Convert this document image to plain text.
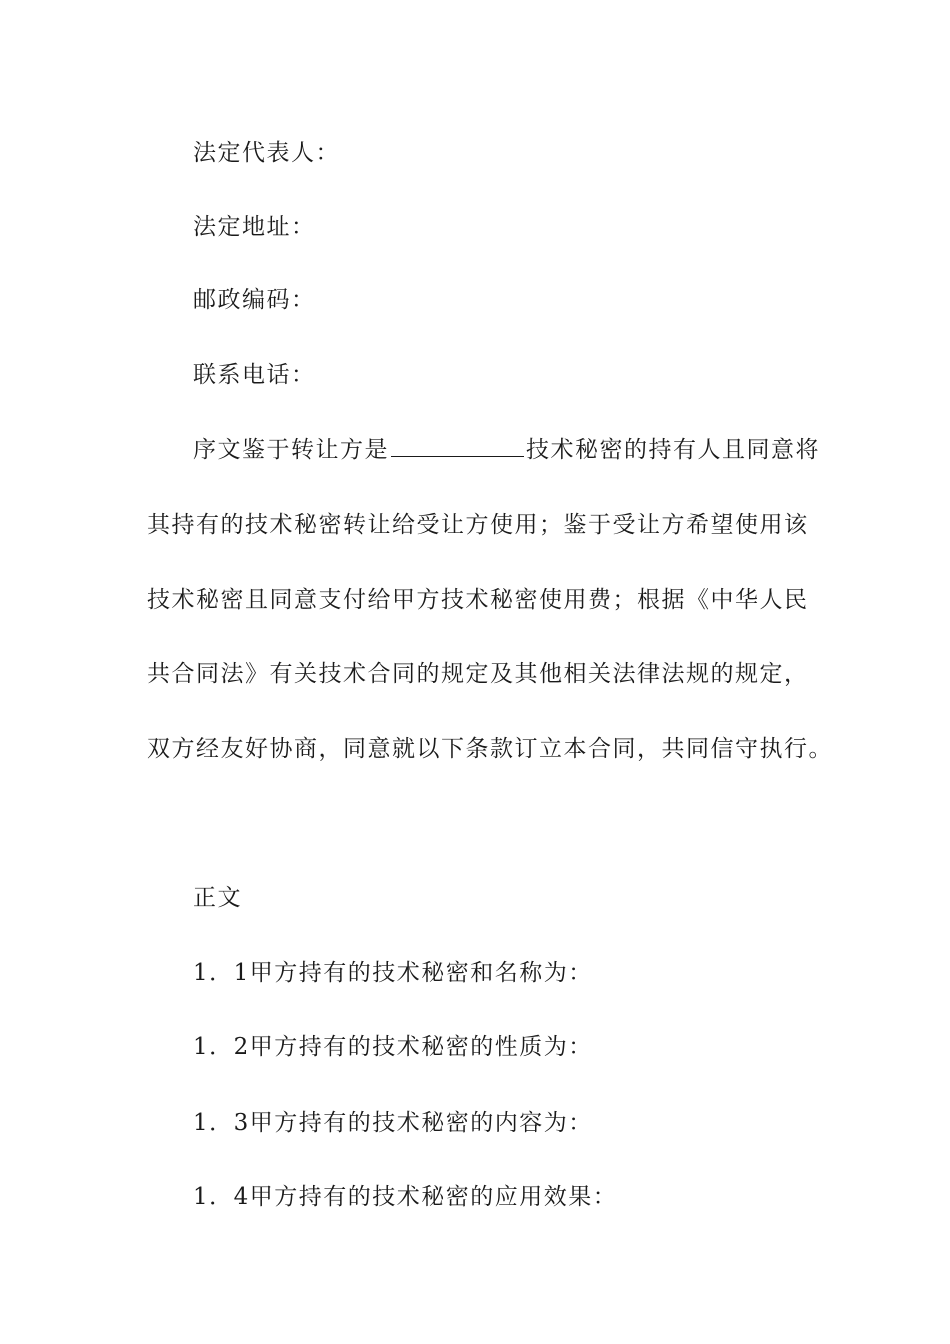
法定代表人：
法定地址：
邮政编码：
联系电话：
序文鉴于转让方是	技术秘密的持有人且同意将
其持有的技术秘密转让给受让方使用；鉴于受让方希望使用该
技术秘密且同意支付给甲方技术秘密使用费；根据《中华人民
共合同法》有关技术合同的规定及其他相关法律法规的规定，
双方经友好协商，同意就以下条款订立本合同，共同信守执行。
正文
1．1甲方持有的技术秘密和名称为：
1．2甲方持有的技术秘密的性质为：
1．3甲方持有的技术秘密的内容为：
1．4甲方持有的技术秘密的应用效果：
